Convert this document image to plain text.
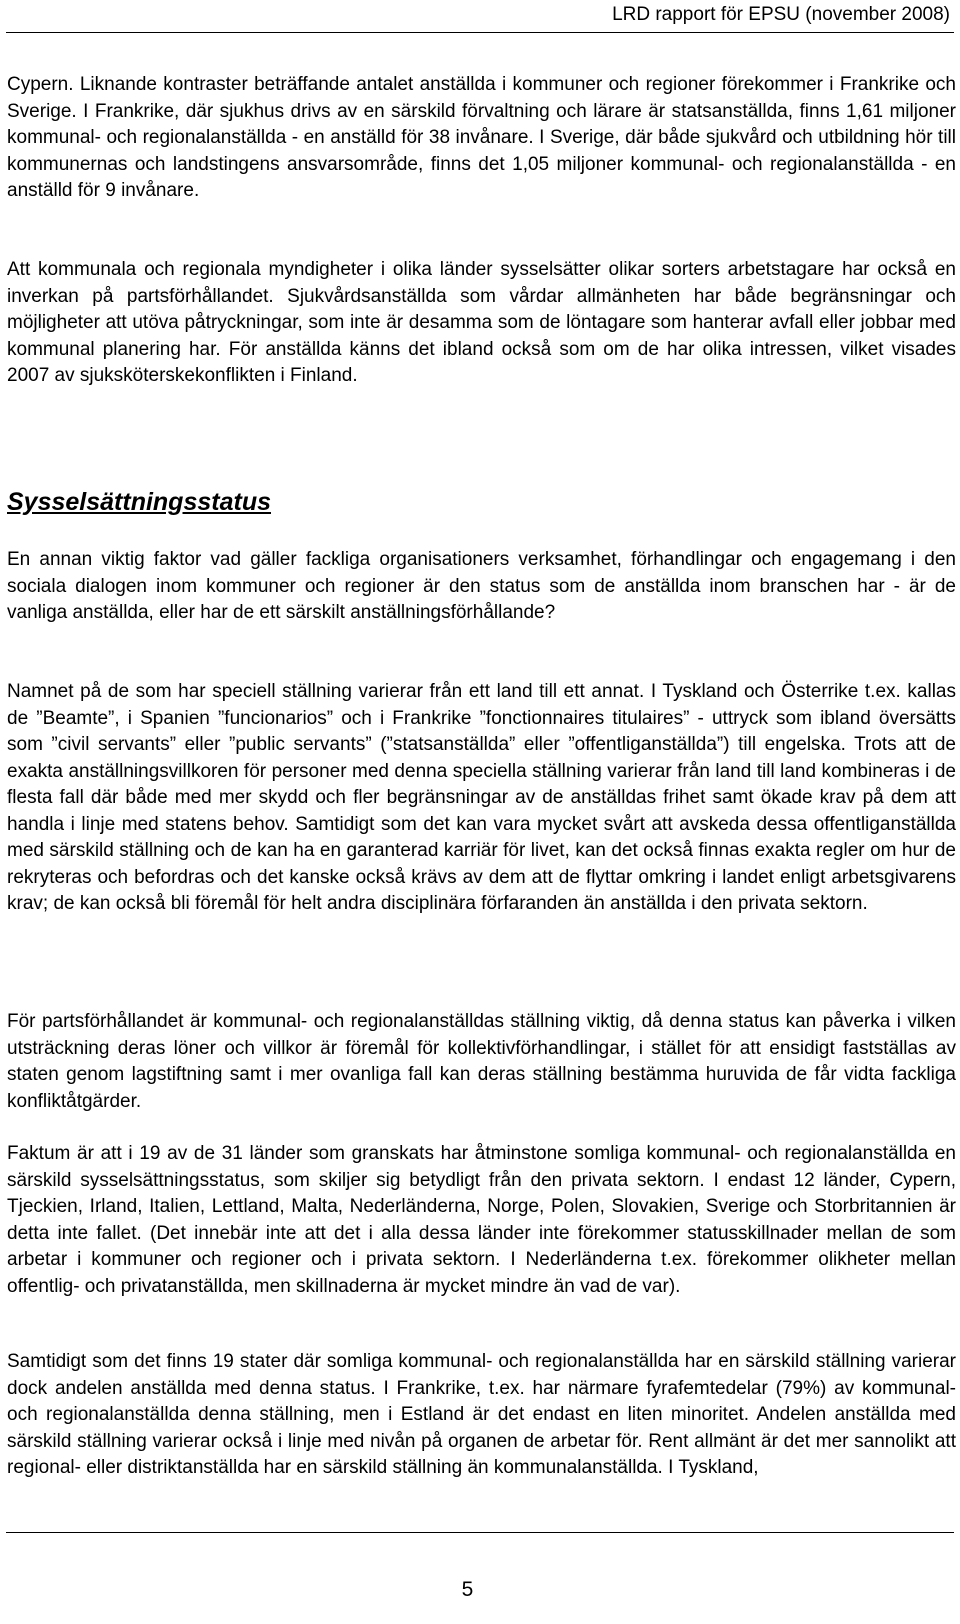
LRD rapport för EPSU (november 2008)

Cypern. Liknande kontraster beträffande antalet anställda i kommuner och regioner förekommer i Frankrike och Sverige. I Frankrike, där sjukhus drivs av en särskild förvaltning och lärare är statsanställda, finns 1,61 miljoner kommunal- och regionalanställda - en anställd för 38 invånare. I Sverige, där både sjukvård och utbildning hör till kommunernas och landstingens ansvarsområde, finns det 1,05 miljoner kommunal- och regionalanställda - en anställd för 9 invånare.

Att kommunala och regionala myndigheter i olika länder sysselsätter olikar sorters arbetstagare har också en inverkan på partsförhållandet. Sjukvårdsanställda som vårdar allmänheten har både begränsningar och möjligheter att utöva påtryckningar, som inte är desamma som de löntagare som hanterar avfall eller jobbar med kommunal planering har. För anställda känns det ibland också som om de har olika intressen, vilket visades 2007 av sjuksköterskekonflikten i Finland.

Sysselsättningsstatus

En annan viktig faktor vad gäller fackliga organisationers verksamhet, förhandlingar och engagemang i den sociala dialogen inom kommuner och regioner är den status som de anställda inom branschen har - är de vanliga anställda, eller har de ett särskilt anställningsförhållande?

Namnet på de som har speciell ställning varierar från ett land till ett annat. I Tyskland och Österrike t.ex. kallas de ”Beamte”, i Spanien ”funcionarios” och i Frankrike ”fonctionnaires titulaires” - uttryck som ibland översätts som ”civil servants” eller ”public servants” (”statsanställda” eller ”offentliganställda”) till engelska. Trots att de exakta anställningsvillkoren för personer med denna speciella ställning varierar från land till land kombineras i de flesta fall där både med mer skydd och fler begränsningar av de anställdas frihet samt ökade krav på dem att handla i linje med statens behov. Samtidigt som det kan vara mycket svårt att avskeda dessa offentliganställda med särskild ställning och de kan ha en garanterad karriär för livet, kan det också finnas exakta regler om hur de rekryteras och befordras och det kanske också krävs av dem att de flyttar omkring i landet enligt arbetsgivarens krav; de kan också bli föremål för helt andra disciplinära förfaranden än anställda i den privata sektorn.

För partsförhållandet är kommunal- och regionalanställdas ställning viktig, då denna status kan påverka i vilken utsträckning deras löner och villkor är föremål för kollektivförhandlingar, i stället för att ensidigt fastställas av staten genom lagstiftning samt i mer ovanliga fall kan deras ställning bestämma huruvida de får vidta fackliga konfliktåtgärder.

Faktum är att i 19 av de 31 länder som granskats har åtminstone somliga kommunal- och regionalanställda en särskild sysselsättningsstatus, som skiljer sig betydligt från den privata sektorn. I endast 12 länder, Cypern, Tjeckien, Irland, Italien, Lettland, Malta, Nederländerna, Norge, Polen, Slovakien, Sverige och Storbritannien är detta inte fallet. (Det innebär inte att det i alla dessa länder inte förekommer statusskillnader mellan de som arbetar i kommuner och regioner och i privata sektorn. I Nederländerna t.ex. förekommer olikheter mellan offentlig- och privatanställda, men skillnaderna är mycket mindre än vad de var).

Samtidigt som det finns 19 stater där somliga kommunal- och regionalanställda har en särskild ställning varierar dock andelen anställda med denna status. I Frankrike, t.ex. har närmare fyrafemtedelar (79%) av kommunal- och regionalanställda denna ställning, men i Estland är det endast en liten minoritet. Andelen anställda med särskild ställning varierar också i linje med nivån på organen de arbetar för. Rent allmänt är det mer sannolikt att regional- eller distriktanställda har en särskild ställning än kommunalanställda. I Tyskland,

5
